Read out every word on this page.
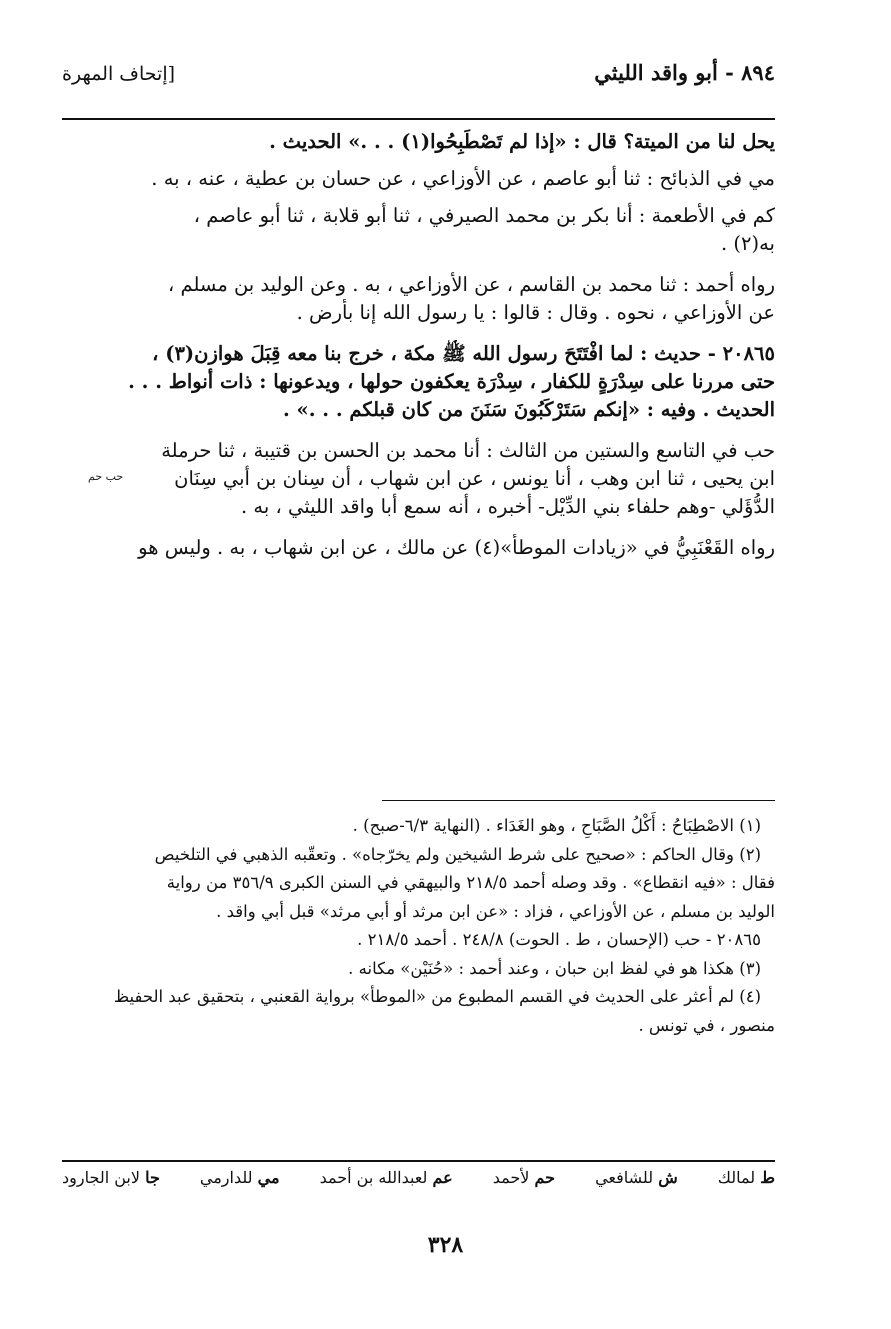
٨٩٤ - أبو واقد الليثي
[إتحاف المهرة
يحل لنا من الميتة؟ قال : «إذا لم تَصْطَبِحُوا(١) . . .» الحديث .
مي في الذبائح : ثنا أبو عاصم ، عن الأوزاعي ، عن حسان بن عطية ، عنه ، به .
كم في الأطعمة : أنا بكر بن محمد الصيرفي ، ثنا أبو قلابة ، ثنا أبو عاصم ،
به(٢) .
رواه أحمد : ثنا محمد بن القاسم ، عن الأوزاعي ، به . وعن الوليد بن مسلم ،
عن الأوزاعي ، نحوه . وقال : قالوا : يا رسول الله إنا بأرض .
٢٠٨٦٥ - حديث : لما افْتَتَحَ رسول الله ﷺ مكة ، خرج بنا معه قِبَلَ هوازن(٣) ،
حتى مررنا على سِدْرَةٍ للكفار ، سِدْرَة يعكفون حولها ، ويدعونها : ذات أنواط . . .
الحديث . وفيه : «إنكم سَتَرْكَبُونَ سَنَنَ من كان قبلكم . . .» .
حب في التاسع والستين من الثالث : أنا محمد بن الحسن بن قتيبة ، ثنا حرملة
ابن يحيى ، ثنا ابن وهب ، أنا يونس ، عن ابن شهاب ، أن سِنان بن أبي سِنَان
الدُّؤَلي -وهم حلفاء بني الدِّيْل- أخبره ، أنه سمع أبا واقد الليثي ، به .
رواه القَعْنَبِيُّ في «زيادات الموطأ»(٤) عن مالك ، عن ابن شهاب ، به . وليس هو
حب حم
(١) الاصْطِبَاحُ : أَكْلُ الصَّبَاحِ ، وهو الغَدَاء . (النهاية ٦/٣-صبح) .
(٢) وقال الحاكم : «صحيح على شرط الشيخين ولم يخرّجاه» . وتعقّبه الذهبي في التلخيص
فقال : «فيه انقطاع» . وقد وصله أحمد ٢١٨/٥ والبيهقي في السنن الكبرى ٣٥٦/٩ من رواية
الوليد بن مسلم ، عن الأوزاعي ، فزاد : «عن ابن مرثد أو أبي مرثد» قبل أبي واقد .
٢٠٨٦٥ - حب (الإحسان ، ط . الحوت) ٢٤٨/٨ . أحمد ٢١٨/٥ .
(٣) هكذا هو في لفظ ابن حبان ، وعند أحمد : «حُنَيْن» مكانه .
(٤) لم أعثر على الحديث في القسم المطبوع من «الموطأ» برواية القعنبي ، بتحقيق عبد الحفيظ
منصور ، في تونس .
ط لمالك
ش للشافعي
حم لأحمد
عم لعبدالله بن أحمد
مي للدارمي
جا لابن الجارود
٣٢٨
